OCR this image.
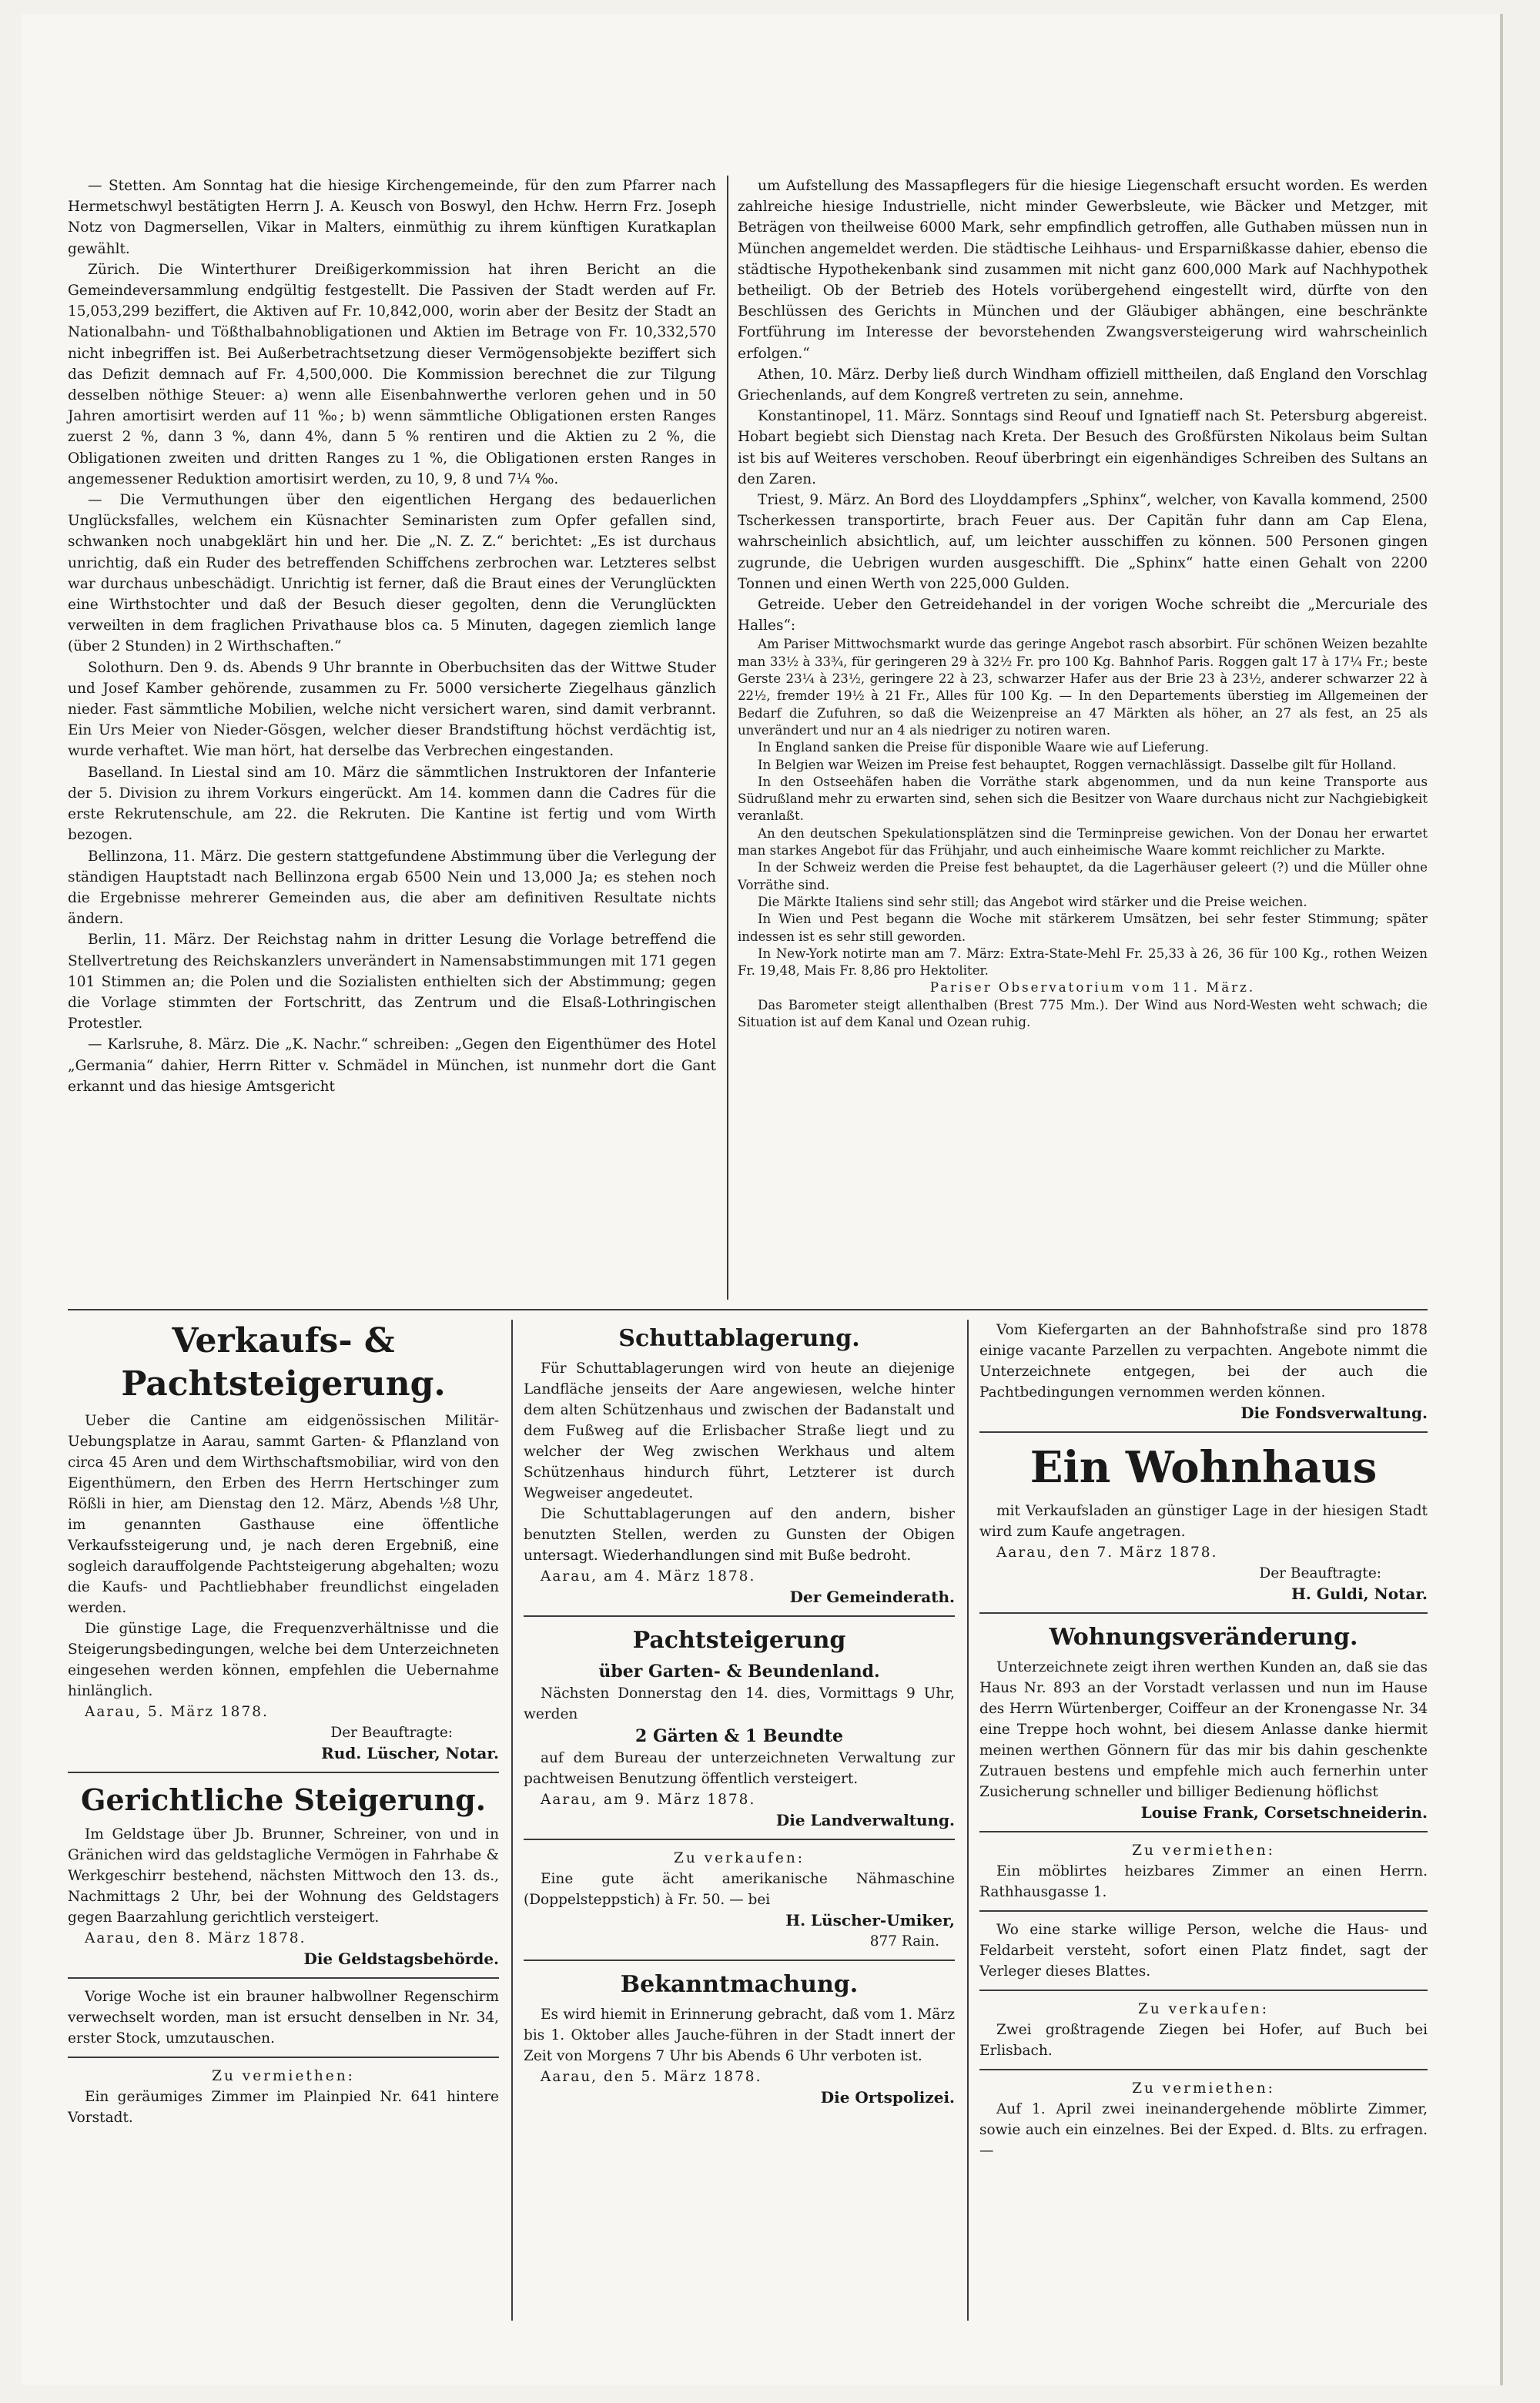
— Stetten. Am Sonntag hat die hiesige Kirchengemeinde, für den zum Pfarrer nach Hermetschwyl bestätigten Herrn J. A. Keusch von Boswyl, den Hchw. Herrn Frz. Joseph Notz von Dagmersellen, Vikar in Malters, einmüthig zu ihrem künftigen Kuratkaplan gewählt.

Zürich. Die Winterthurer Dreißigerkommission hat ihren Bericht an die Gemeindeversammlung endgültig festgestellt. Die Passiven der Stadt werden auf Fr. 15,053,299 beziffert, die Aktiven auf Fr. 10,842,000, worin aber der Besitz der Stadt an Nationalbahn- und Tößthalbahnobligationen und Aktien im Betrage von Fr. 10,332,570 nicht inbegriffen ist. Bei Außerbetrachtsetzung dieser Vermögensobjekte beziffert sich das Defizit demnach auf Fr. 4,500,000. Die Kommission berechnet die zur Tilgung desselben nöthige Steuer: a) wenn alle Eisenbahnwerthe verloren gehen und in 50 Jahren amortisirt werden auf 11 ‰; b) wenn sämmtliche Obligationen ersten Ranges zuerst 2 %, dann 3 %, dann 4%, dann 5 % rentiren und die Aktien zu 2 %, die Obligationen zweiten und dritten Ranges zu 1 %, die Obligationen ersten Ranges in angemessener Reduktion amortisirt werden, zu 10, 9, 8 und 7¼ ‰.

— Die Vermuthungen über den eigentlichen Hergang des bedauerlichen Unglücksfalles, welchem ein Küsnachter Seminaristen zum Opfer gefallen sind, schwanken noch unabgeklärt hin und her. Die „N. Z. Z.“ berichtet: „Es ist durchaus unrichtig, daß ein Ruder des betreffenden Schiffchens zerbrochen war. Letzteres selbst war durchaus unbeschädigt. Unrichtig ist ferner, daß die Braut eines der Verunglückten eine Wirthstochter und daß der Besuch dieser gegolten, denn die Verunglückten verweilten in dem fraglichen Privathause blos ca. 5 Minuten, dagegen ziemlich lange (über 2 Stunden) in 2 Wirthschaften.“

Solothurn. Den 9. ds. Abends 9 Uhr brannte in Oberbuchsiten das der Wittwe Studer und Josef Kamber gehörende, zusammen zu Fr. 5000 versicherte Ziegelhaus gänzlich nieder. Fast sämmtliche Mobilien, welche nicht versichert waren, sind damit verbrannt. Ein Urs Meier von Nieder-Gösgen, welcher dieser Brandstiftung höchst verdächtig ist, wurde verhaftet. Wie man hört, hat derselbe das Verbrechen eingestanden.

Baselland. In Liestal sind am 10. März die sämmtlichen Instruktoren der Infanterie der 5. Division zu ihrem Vorkurs eingerückt. Am 14. kommen dann die Cadres für die erste Rekrutenschule, am 22. die Rekruten. Die Kantine ist fertig und vom Wirth bezogen.

Bellinzona, 11. März. Die gestern stattgefundene Abstimmung über die Verlegung der ständigen Hauptstadt nach Bellinzona ergab 6500 Nein und 13,000 Ja; es stehen noch die Ergebnisse mehrerer Gemeinden aus, die aber am definitiven Resultate nichts ändern.

Berlin, 11. März. Der Reichstag nahm in dritter Lesung die Vorlage betreffend die Stellvertretung des Reichskanzlers unverändert in Namensabstimmungen mit 171 gegen 101 Stimmen an; die Polen und die Sozialisten enthielten sich der Abstimmung; gegen die Vorlage stimmten der Fortschritt, das Zentrum und die Elsaß-Lothringischen Protestler.

— Karlsruhe, 8. März. Die „K. Nachr.“ schreiben: „Gegen den Eigenthümer des Hotel „Germania“ dahier, Herrn Ritter v. Schmädel in München, ist nunmehr dort die Gant erkannt und das hiesige Amtsgericht

um Aufstellung des Massapflegers für die hiesige Liegenschaft ersucht worden. Es werden zahlreiche hiesige Industrielle, nicht minder Gewerbsleute, wie Bäcker und Metzger, mit Beträgen von theilweise 6000 Mark, sehr empfindlich getroffen, alle Guthaben müssen nun in München angemeldet werden. Die städtische Leihhaus- und Ersparnißkasse dahier, ebenso die städtische Hypothekenbank sind zusammen mit nicht ganz 600,000 Mark auf Nachhypothek betheiligt. Ob der Betrieb des Hotels vorübergehend eingestellt wird, dürfte von den Beschlüssen des Gerichts in München und der Gläubiger abhängen, eine beschränkte Fortführung im Interesse der bevorstehenden Zwangsversteigerung wird wahrscheinlich erfolgen.“

Athen, 10. März. Derby ließ durch Windham offiziell mittheilen, daß England den Vorschlag Griechenlands, auf dem Kongreß vertreten zu sein, annehme.

Konstantinopel, 11. März. Sonntags sind Reouf und Ignatieff nach St. Petersburg abgereist. Hobart begiebt sich Dienstag nach Kreta. Der Besuch des Großfürsten Nikolaus beim Sultan ist bis auf Weiteres verschoben. Reouf überbringt ein eigenhändiges Schreiben des Sultans an den Zaren.

Triest, 9. März. An Bord des Lloyddampfers „Sphinx“, welcher, von Kavalla kommend, 2500 Tscherkessen transportirte, brach Feuer aus. Der Capitän fuhr dann am Cap Elena, wahrscheinlich absichtlich, auf, um leichter ausschiffen zu können. 500 Personen gingen zugrunde, die Uebrigen wurden ausgeschifft. Die „Sphinx“ hatte einen Gehalt von 2200 Tonnen und einen Werth von 225,000 Gulden.

Getreide. Ueber den Getreidehandel in der vorigen Woche schreibt die „Mercuriale des Halles“:

Am Pariser Mittwochsmarkt wurde das geringe Angebot rasch absorbirt. Für schönen Weizen bezahlte man 33½ à 33¾, für geringeren 29 à 32½ Fr. pro 100 Kg. Bahnhof Paris. Roggen galt 17 à 17¼ Fr.; beste Gerste 23¼ à 23½, geringere 22 à 23, schwarzer Hafer aus der Brie 23 à 23½, anderer schwarzer 22 à 22½, fremder 19½ à 21 Fr., Alles für 100 Kg. — In den Departements überstieg im Allgemeinen der Bedarf die Zufuhren, so daß die Weizenpreise an 47 Märkten als höher, an 27 als fest, an 25 als unverändert und nur an 4 als niedriger zu notiren waren.

In England sanken die Preise für disponible Waare wie auf Lieferung.

In Belgien war Weizen im Preise fest behauptet, Roggen vernachlässigt. Dasselbe gilt für Holland.

In den Ostseehäfen haben die Vorräthe stark abgenommen, und da nun keine Transporte aus Südrußland mehr zu erwarten sind, sehen sich die Besitzer von Waare durchaus nicht zur Nachgiebigkeit veranlaßt.

An den deutschen Spekulationsplätzen sind die Terminpreise gewichen. Von der Donau her erwartet man starkes Angebot für das Frühjahr, und auch einheimische Waare kommt reichlicher zu Markte.

In der Schweiz werden die Preise fest behauptet, da die Lagerhäuser geleert (?) und die Müller ohne Vorräthe sind.

Die Märkte Italiens sind sehr still; das Angebot wird stärker und die Preise weichen.

In Wien und Pest begann die Woche mit stärkerem Umsätzen, bei sehr fester Stimmung; später indessen ist es sehr still geworden.

In New-York notirte man am 7. März: Extra-State-Mehl Fr. 25,33 à 26, 36 für 100 Kg., rothen Weizen Fr. 19,48, Mais Fr. 8,86 pro Hektoliter.

Pariser Observatorium vom 11. März.

Das Barometer steigt allenthalben (Brest 775 Mm.). Der Wind aus Nord-Westen weht schwach; die Situation ist auf dem Kanal und Ozean ruhig.

Verkaufs- & Pachtsteigerung.

Ueber die Cantine am eidgenössischen Militär-Uebungsplatze in Aarau, sammt Garten- & Pflanzland von circa 45 Aren und dem Wirthschaftsmobiliar, wird von den Eigenthümern, den Erben des Herrn Hertschinger zum Rößli in hier, am Dienstag den 12. März, Abends ½8 Uhr, im genannten Gasthause eine öffentliche Verkaufssteigerung und, je nach deren Ergebniß, eine sogleich darauffolgende Pachtsteigerung abgehalten; wozu die Kaufs- und Pachtliebhaber freundlichst eingeladen werden.

Die günstige Lage, die Frequenzverhältnisse und die Steigerungsbedingungen, welche bei dem Unterzeichneten eingesehen werden können, empfehlen die Uebernahme hinlänglich.

Aarau, 5. März 1878.

Der Beauftragte:

Rud. Lüscher, Notar.
Gerichtliche Steigerung.

Im Geldstage über Jb. Brunner, Schreiner, von und in Gränichen wird das geldstagliche Vermögen in Fahrhabe & Werkgeschirr bestehend, nächsten Mittwoch den 13. ds., Nachmittags 2 Uhr, bei der Wohnung des Geldstagers gegen Baarzahlung gerichtlich versteigert.

Aarau, den 8. März 1878.

Die Geldstagsbehörde.

Vorige Woche ist ein brauner halbwollner Regenschirm verwechselt worden, man ist ersucht denselben in Nr. 34, erster Stock, umzutauschen.

Zu vermiethen:

Ein geräumiges Zimmer im Plainpied Nr. 641 hintere Vorstadt.

Schuttablagerung.

Für Schuttablagerungen wird von heute an diejenige Landfläche jenseits der Aare angewiesen, welche hinter dem alten Schützenhaus und zwischen der Badanstalt und dem Fußweg auf die Erlisbacher Straße liegt und zu welcher der Weg zwischen Werkhaus und altem Schützenhaus hindurch führt, Letzterer ist durch Wegweiser angedeutet.

Die Schuttablagerungen auf den andern, bisher benutzten Stellen, werden zu Gunsten der Obigen untersagt. Wiederhandlungen sind mit Buße bedroht.

Aarau, am 4. März 1878.

Der Gemeinderath.
Pachtsteigerung
über Garten- & Beundenland.

Nächsten Donnerstag den 14. dies, Vormittags 9 Uhr, werden

2 Gärten & 1 Beundte

auf dem Bureau der unterzeichneten Verwaltung zur pachtweisen Benutzung öffentlich versteigert.

Aarau, am 9. März 1878.

Die Landverwaltung.

Zu verkaufen:

Eine gute ächt amerikanische Nähmaschine (Doppelsteppstich) à Fr. 50. — bei

H. Lüscher-Umiker,

877 Rain.

Bekanntmachung.

Es wird hiemit in Erinnerung gebracht, daß vom 1. März bis 1. Oktober alles Jauche-führen in der Stadt innert der Zeit von Morgens 7 Uhr bis Abends 6 Uhr verboten ist.

Aarau, den 5. März 1878.

Die Ortspolizei.

Vom Kiefergarten an der Bahnhofstraße sind pro 1878 einige vacante Parzellen zu verpachten. Angebote nimmt die Unterzeichnete entgegen, bei der auch die Pachtbedingungen vernommen werden können.

Die Fondsverwaltung.
Ein Wohnhaus

mit Verkaufsladen an günstiger Lage in der hiesigen Stadt wird zum Kaufe angetragen.

Aarau, den 7. März 1878.

Der Beauftragte:

H. Guldi, Notar.
Wohnungsveränderung.

Unterzeichnete zeigt ihren werthen Kunden an, daß sie das Haus Nr. 893 an der Vorstadt verlassen und nun im Hause des Herrn Würtenberger, Coiffeur an der Kronengasse Nr. 34 eine Treppe hoch wohnt, bei diesem Anlasse danke hiermit meinen werthen Gönnern für das mir bis dahin geschenkte Zutrauen bestens und empfehle mich auch fernerhin unter Zusicherung schneller und billiger Bedienung höflichst

Louise Frank, Corsetschneiderin.

Zu vermiethen:

Ein möblirtes heizbares Zimmer an einen Herrn. Rathhausgasse 1.

Wo eine starke willige Person, welche die Haus- und Feldarbeit versteht, sofort einen Platz findet, sagt der Verleger dieses Blattes.

Zu verkaufen:

Zwei großtragende Ziegen bei Hofer, auf Buch bei Erlisbach.

Zu vermiethen:

Auf 1. April zwei ineinandergehende möblirte Zimmer, sowie auch ein einzelnes. Bei der Exped. d. Blts. zu erfragen. —
